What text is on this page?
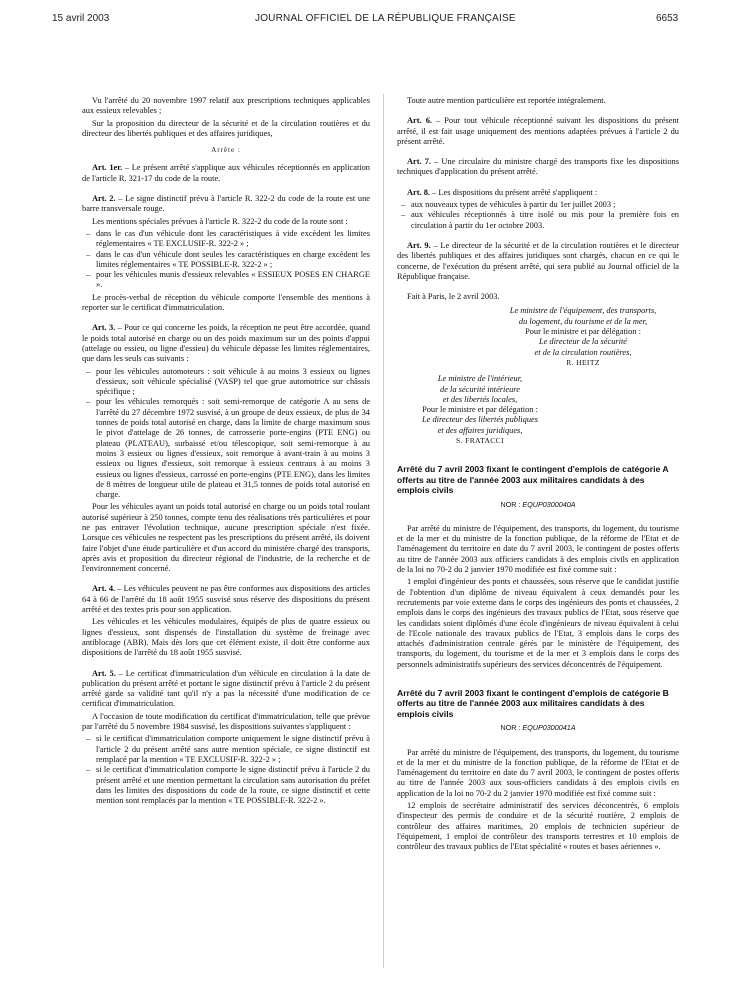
15 avril 2003	JOURNAL OFFICIEL DE LA RÉPUBLIQUE FRANÇAISE	6653

Vu l'arrêté du 20 novembre 1997 relatif aux prescriptions techniques applicables aux essieux relevables ;

Sur la proposition du directeur de la sécurité et de la circulation routières et du directeur des libertés publiques et des affaires juridiques,

Arrête :

Art. 1er. – Le présent arrêté s'applique aux véhicules réceptionnés en application de l'article R. 321-17 du code de la route.

Art. 2. – Le signe distinctif prévu à l'article R. 322-2 du code de la route est une barre transversale rouge.

Les mentions spéciales prévues à l'article R. 322-2 du code de la route sont :

– dans le cas d'un véhicule dont les caractéristiques à vide excèdent les limites réglementaires « TE EXCLUSIF-R. 322-2 » ;
– dans le cas d'un véhicule dont seules les caractéristiques en charge excèdent les limites réglementaires « TE POSSIBLE-R. 322-2 » ;
– pour les véhicules munis d'essieux relevables « ESSIEUX POSES EN CHARGE ».

Le procès-verbal de réception du véhicule comporte l'ensemble des mentions à reporter sur le certificat d'immatriculation.

Art. 3. – Pour ce qui concerne les poids, la réception ne peut être accordée, quand le poids total autorisé en charge ou un des poids maximum sur un des points d'appui (attelage ou essieu, ou ligne d'essieu) du véhicule dépasse les limites réglementaires, que dans les seuls cas suivants :

– pour les véhicules automoteurs : soit véhicule à au moins 3 essieux ou lignes d'essieux, soit véhicule spécialisé (VASP) tel que grue automotrice sur châssis spécifique ;
– pour les véhicules remorqués : soit semi-remorque de catégorie A au sens de l'arrêté du 27 décembre 1972 susvisé, à un groupe de deux essieux, de plus de 34 tonnes de poids total autorisé en charge, dans la limite de charge maximum sous le pivot d'attelage de 26 tonnes, de carrosserie porte-engins (PTE ENG) ou plateau (PLATEAU), surbaissé et/ou télescopique, soit semi-remorque à au moins 3 essieux ou lignes d'essieux, soit remorque à avant-train à au moins 3 essieux ou lignes d'essieux, soit remorque à essieux centraux à au moins 3 essieux ou lignes d'essieux, carrossé en porte-engins (PTE ENG), dans les limites de 8 mètres de longueur utile de plateau et 31,5 tonnes de poids total autorisé en charge.

Pour les véhicules ayant un poids total autorisé en charge ou un poids total roulant autorisé supérieur à 250 tonnes, compte tenu des réalisations très particulières et pour ne pas entraver l'évolution technique, aucune prescription spéciale n'est fixée. Lorsque ces véhicules ne respectent pas les prescriptions du présent arrêté, ils doivent faire l'objet d'une étude particulière et d'un accord du ministère chargé des transports, après avis et proposition du directeur régional de l'industrie, de la recherche et de l'environnement concerné.

Art. 4. – Les véhicules peuvent ne pas être conformes aux dispositions des articles 64 à 66 de l'arrêté du 18 août 1955 susvisé sous réserve des dispositions du présent arrêté et des textes pris pour son application.

Les véhicules et les véhicules modulaires, équipés de plus de quatre essieux ou lignes d'essieux, sont dispensés de l'installation du système de freinage avec antiblocage (ABR). Mais dès lors que cet élément existe, il doit être conforme aux dispositions de l'arrêté du 18 août 1955 susvisé.

Art. 5. – Le certificat d'immatriculation d'un véhicule en circulation à la date de publication du présent arrêté et portant le signe distinctif prévu à l'article 2 du présent arrêté garde sa validité tant qu'il n'y a pas la nécessité d'une modification de ce certificat d'immatriculation.

A l'occasion de toute modification du certificat d'immatriculation, telle que prévue par l'arrêté du 5 novembre 1984 susvisé, les dispositions suivantes s'appliquent :

– si le certificat d'immatriculation comporte uniquement le signe distinctif prévu à l'article 2 du présent arrêté sans autre mention spéciale, ce signe distinctif est remplacé par la mention « TE EXCLUSIF-R. 322-2 » ;
– si le certificat d'immatriculation comporte le signe distinctif prévu à l'article 2 du présent arrêté et une mention permettant la circulation sans autorisation du préfet dans les limites des dispositions du code de la route, ce signe distinctif et cette mention sont remplacés par la mention « TE POSSIBLE-R. 322-2 ».

Toute autre mention particulière est reportée intégralement.

Art. 6. – Pour tout véhicule réceptionné suivant les dispositions du présent arrêté, il est fait usage uniquement des mentions adaptées prévues à l'article 2 du présent arrêté.

Art. 7. – Une circulaire du ministre chargé des transports fixe les dispositions techniques d'application du présent arrêté.

Art. 8. – Les dispositions du présent arrêté s'appliquent :

– aux nouveaux types de véhicules à partir du 1er juillet 2003 ;
– aux véhicules réceptionnés à titre isolé ou mis pour la première fois en circulation à partir du 1er octobre 2003.

Art. 9. – Le directeur de la sécurité et de la circulation routières et le directeur des libertés publiques et des affaires juridiques sont chargés, chacun en ce qui le concerne, de l'exécution du présent arrêté, qui sera publié au Journal officiel de la République française.

Fait à Paris, le 2 avril 2003.

Le ministre de l'équipement, des transports,
du logement, du tourisme et de la mer,
Pour le ministre et par délégation :
Le directeur de la sécurité
et de la circulation routières,
R. HEITZ
Le ministre de l'intérieur,
de la sécurité intérieure
et des libertés locales,
Pour le ministre et par délégation :
Le directeur des libertés publiques
et des affaires juridiques,
S. FRATACCI
Arrêté du 7 avril 2003 fixant le contingent d'emplois de catégorie A offerts au titre de l'année 2003 aux militaires candidats à des emplois civils
NOR : EQUP0300040A

Par arrêté du ministre de l'équipement, des transports, du logement, du tourisme et de la mer et du ministre de la fonction publique, de la réforme de l'Etat et de l'aménagement du territoire en date du 7 avril 2003, le contingent de postes offerts au titre de l'année 2003 aux officiers candidats à des emplois civils en application de la loi no 70-2 du 2 janvier 1970 modifiée est fixé comme suit :

1 emploi d'ingénieur des ponts et chaussées, sous réserve que le candidat justifie de l'obtention d'un diplôme de niveau équivalent à ceux demandés pour les recrutements par voie externe dans le corps des ingénieurs des ponts et chaussées, 2 emplois dans le corps des ingénieurs des travaux publics de l'Etat, sous réserve que les candidats soient diplômés d'une école d'ingénieurs de niveau équivalent à celui de l'Ecole nationale des travaux publics de l'Etat, 3 emplois dans le corps des attachés d'administration centrale gérés par le ministère de l'équipement, des transports, du logement, du tourisme et de la mer et 3 emplois dans le corps des personnels administratifs supérieurs des services déconcentrés de l'équipement.

Arrêté du 7 avril 2003 fixant le contingent d'emplois de catégorie B offerts au titre de l'année 2003 aux militaires candidats à des emplois civils
NOR : EQUP0300041A

Par arrêté du ministre de l'équipement, des transports, du logement, du tourisme et de la mer et du ministre de la fonction publique, de la réforme de l'Etat et de l'aménagement du territoire en date du 7 avril 2003, le contingent de postes offerts au titre de l'année 2003 aux sous-officiers candidats à des emplois civils en application de la loi no 70-2 du 2 janvier 1970 modifiée est fixé comme suit :

12 emplois de secrétaire administratif des services déconcentrés, 6 emplois d'inspecteur des permis de conduire et de la sécurité routière, 2 emplois de contrôleur des affaires maritimes, 20 emplois de technicien supérieur de l'équipement, 1 emploi de contrôleur des transports terrestres et 10 emplois de contrôleur des travaux publics de l'Etat spécialité « routes et bases aériennes ».
